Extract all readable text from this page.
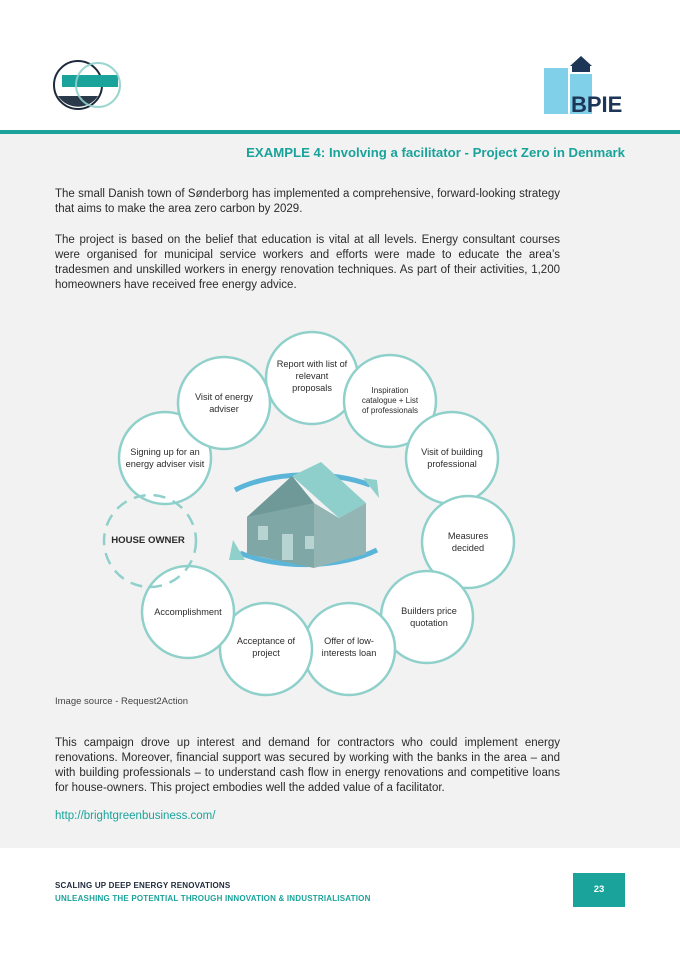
BPIE
EXAMPLE 4: Involving a facilitator - Project Zero in Denmark
The small Danish town of Sønderborg has implemented a comprehensive, forward-looking strategy that aims to make the area zero carbon by 2029.
The project is based on the belief that education is vital at all levels. Energy consultant courses were organised for municipal service workers and efforts were made to educate the area’s tradesmen and unskilled workers in energy renovation techniques. As part of their activities, 1,200 homeowners have received free energy advice.
Report with list of relevant proposals	Inspiration catalogue + List of professionals
Visit of building professional
Measures decided
Builders price quotation
Offer of low-interests loan
Acceptance of project
Accomplishment
Signing up for an energy adviser visit
Visit of energy adviser
HOUSE OWNER
Image source - Request2Action
This campaign drove up interest and demand for contractors who could implement energy renovations. Moreover, financial support was secured by working with the banks in the area – and with building professionals – to understand cash flow in energy renovations and competitive loans for house-owners. This project embodies well the added value of a facilitator.
http://brightgreenbusiness.com/
SCALING UP DEEP ENERGY RENOVATIONS
UNLEASHING THE POTENTIAL THROUGH INNOVATION & INDUSTRIALISATION
23
